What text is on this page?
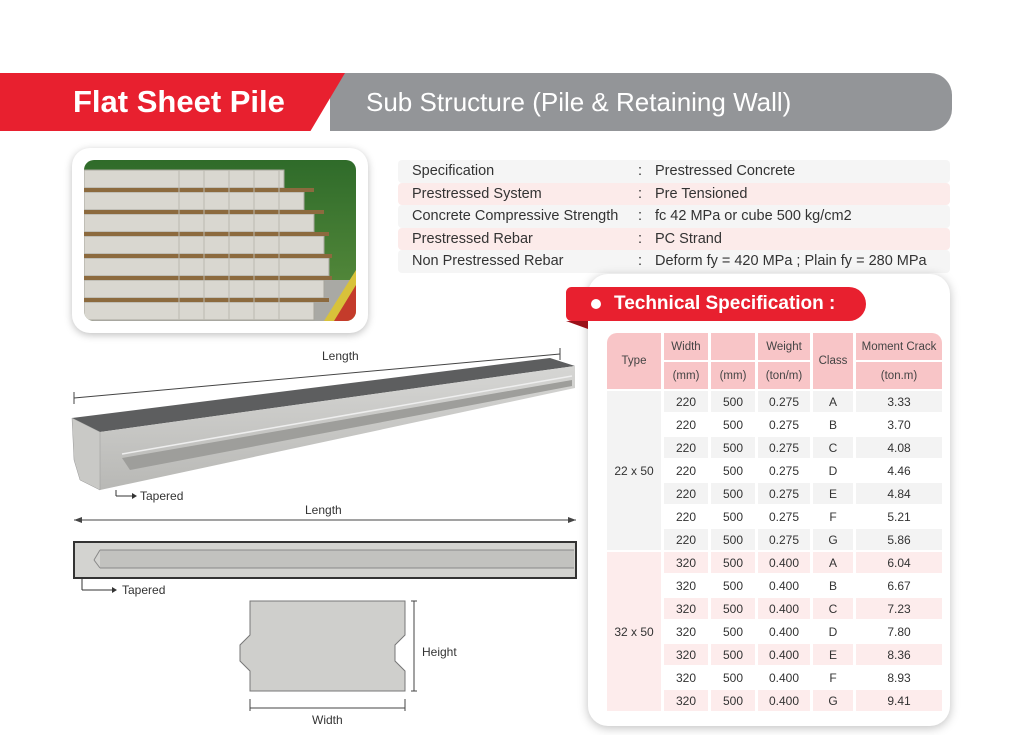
Flat Sheet Pile	Sub Structure (Pile & Retaining Wall)
Specification	: Prestressed Concrete
Prestressed System	: Pre Tensioned
Concrete Compressive Strength : fc 42 MPa or cube 500 kg/cm2
Prestressed Rebar	: PC Strand
Non Prestressed Rebar	: Deform fy = 420 MPa ; Plain fy = 280 MPa
Length
Tapered
Length
Tapered
Height
Width
Technical Specification :
Type	Width		Weight	Class	Moment Crack
	(mm)	(mm)	(ton/m)		(ton.m)
22 x 50	220	500	0.275	A	3.33
	220	500	0.275	B	3.70
	220	500	0.275	C	4.08
	220	500	0.275	D	4.46
	220	500	0.275	E	4.84
	220	500	0.275	F	5.21
	220	500	0.275	G	5.86
32 x 50	320	500	0.400	A	6.04
	320	500	0.400	B	6.67
	320	500	0.400	C	7.23
	320	500	0.400	D	7.80
	320	500	0.400	E	8.36
	320	500	0.400	F	8.93
	320	500	0.400	G	9.41
